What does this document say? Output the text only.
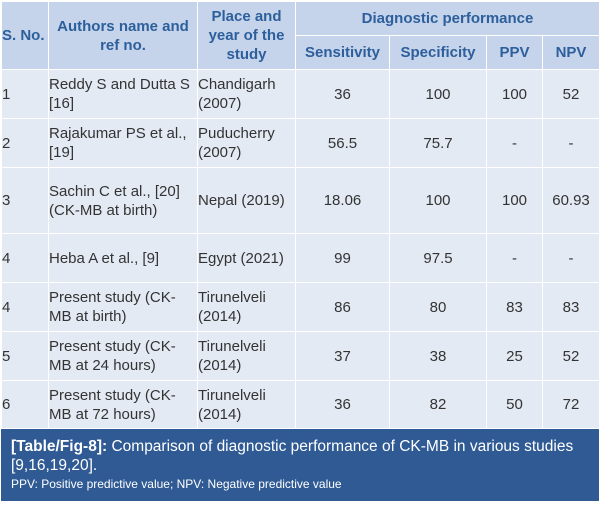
S. No.	Authors name and ref no.	Place and year of the study	Diagnostic performance			
			Sensitivity	Specificity	PPV	NPV
1	Reddy S and Dutta S [16]	Chandigarh (2007)	36	100	100	52
2	Rajakumar PS et al., [19]	Puducherry (2007)	56.5	75.7	-	-
3	Sachin C et al., [20] (CK-MB at birth)	Nepal (2019)	18.06	100	100	60.93
4	Heba A et al., [9]	Egypt (2021)	99	97.5	-	-
4	Present study (CK-MB at birth)	Tirunelveli (2014)	86	80	83	83
5	Present study (CK-MB at 24 hours)	Tirunelveli (2014)	37	38	25	52
6	Present study (CK-MB at 72 hours)	Tirunelveli (2014)	36	82	50	72
[Table/Fig-8]: Comparison of diagnostic performance of CK-MB in various studies [9,16,19,20].
PPV: Positive predictive value; NPV: Negative predictive value
